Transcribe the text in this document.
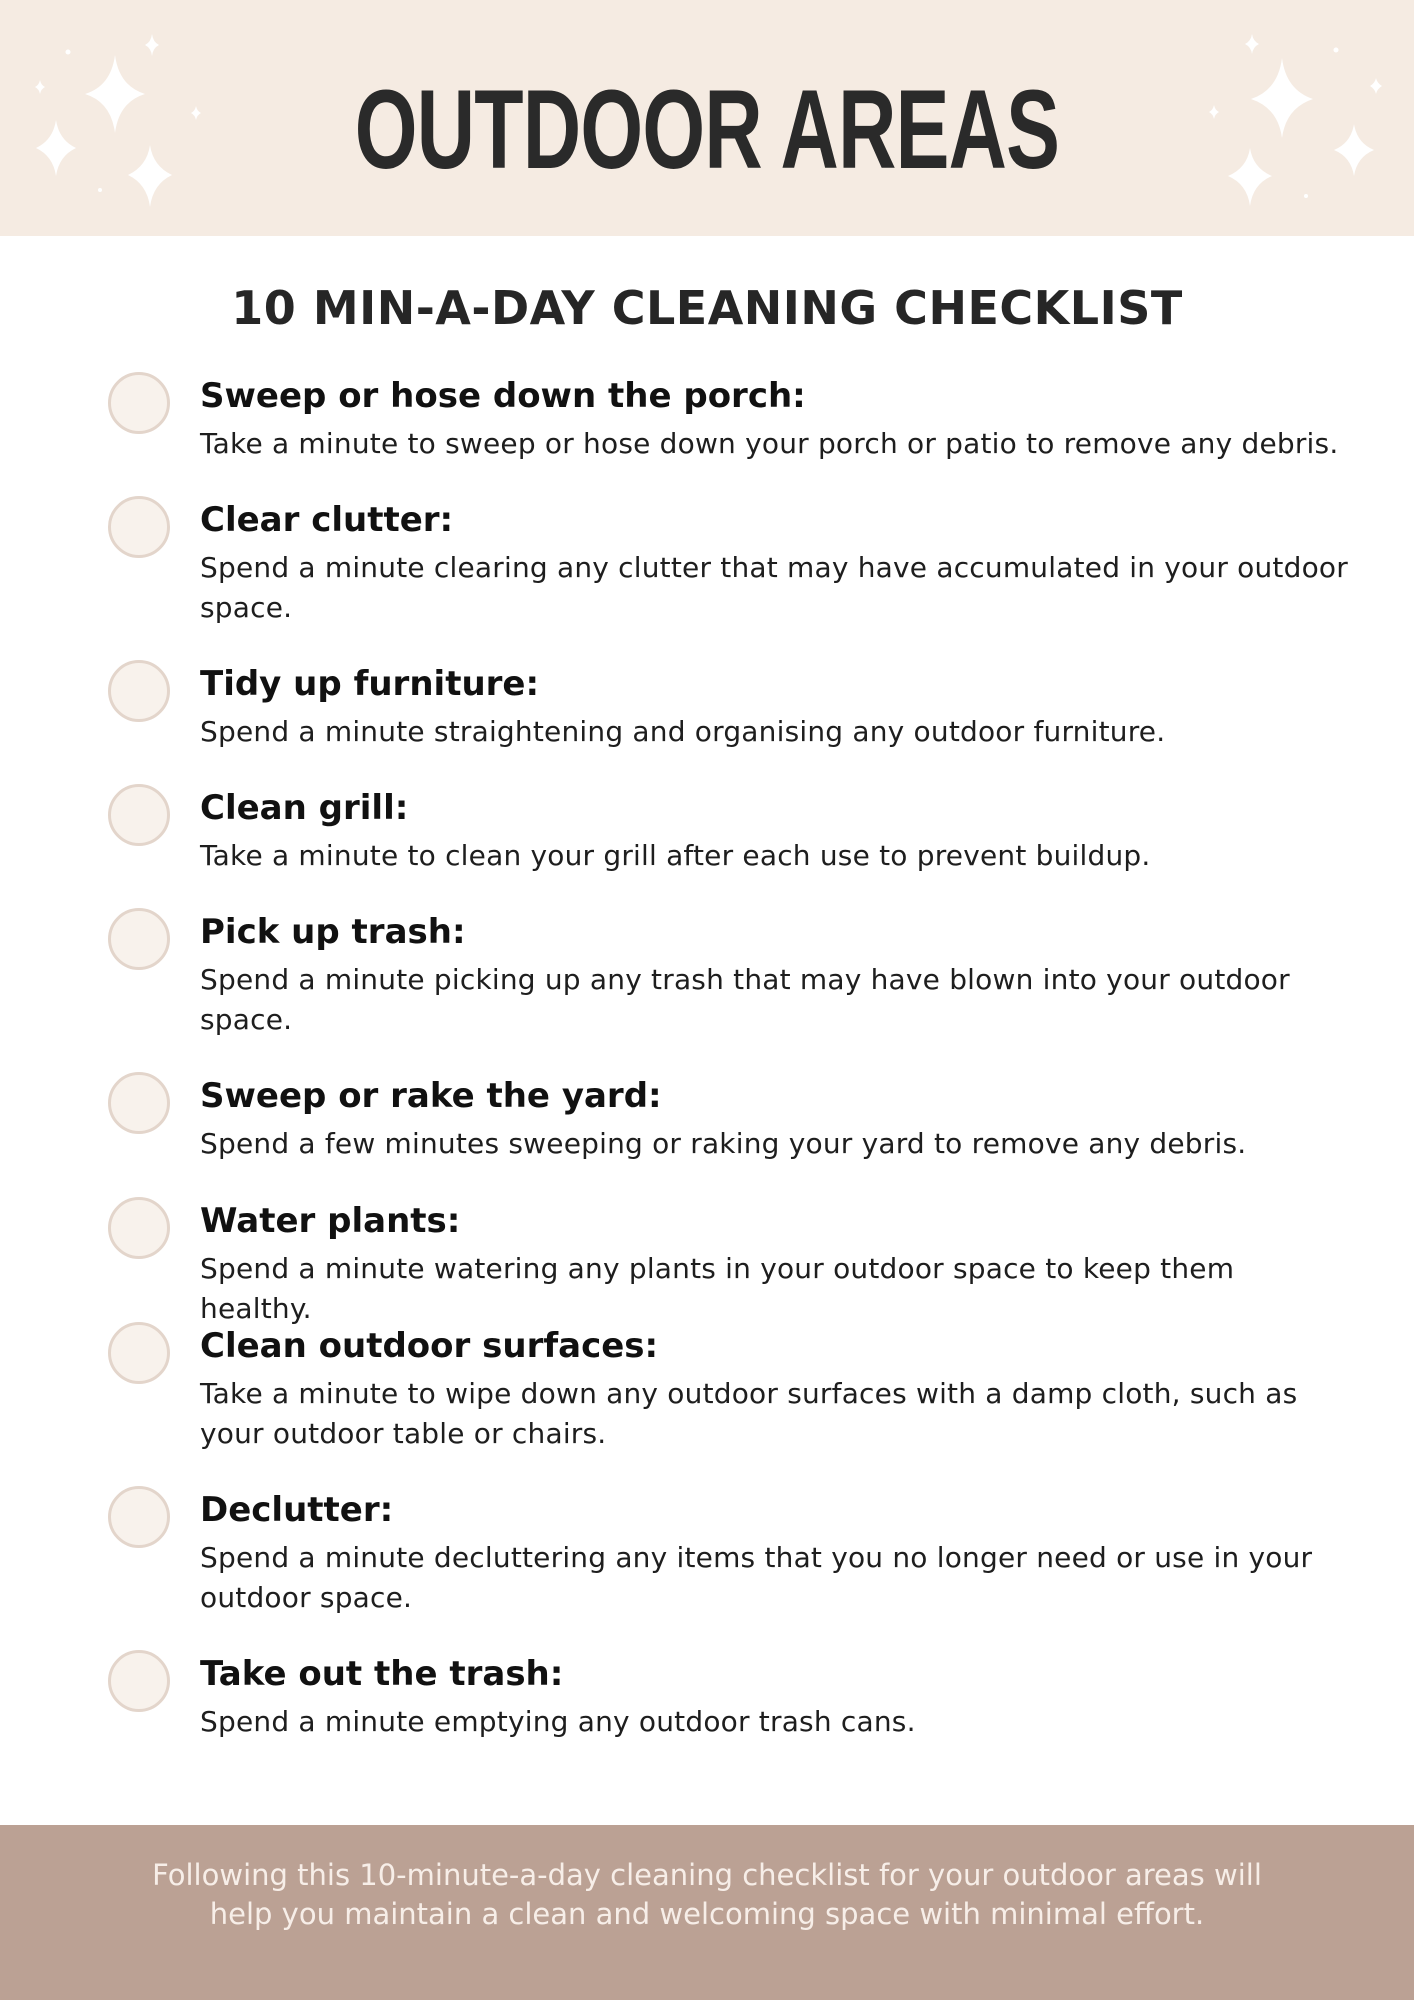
OUTDOOR AREAS
10 MIN-A-DAY CLEANING CHECKLIST
Sweep or hose down the porch:
Take a minute to sweep or hose down your porch or patio to remove any debris.
Clear clutter:
Spend a minute clearing any clutter that may have accumulated in your outdoor space.
Tidy up furniture:
Spend a minute straightening and organising any outdoor furniture.
Clean grill:
Take a minute to clean your grill after each use to prevent buildup.
Pick up trash:
Spend a minute picking up any trash that may have blown into your outdoor space.
Sweep or rake the yard:
Spend a few minutes sweeping or raking your yard to remove any debris.
Water plants:
Spend a minute watering any plants in your outdoor space to keep them healthy.
Clean outdoor surfaces:
Take a minute to wipe down any outdoor surfaces with a damp cloth, such as your outdoor table or chairs.
Declutter:
Spend a minute decluttering any items that you no longer need or use in your outdoor space.
Take out the trash:
Spend a minute emptying any outdoor trash cans.
Following this 10-minute-a-day cleaning checklist for your outdoor areas will help you maintain a clean and welcoming space with minimal effort.
